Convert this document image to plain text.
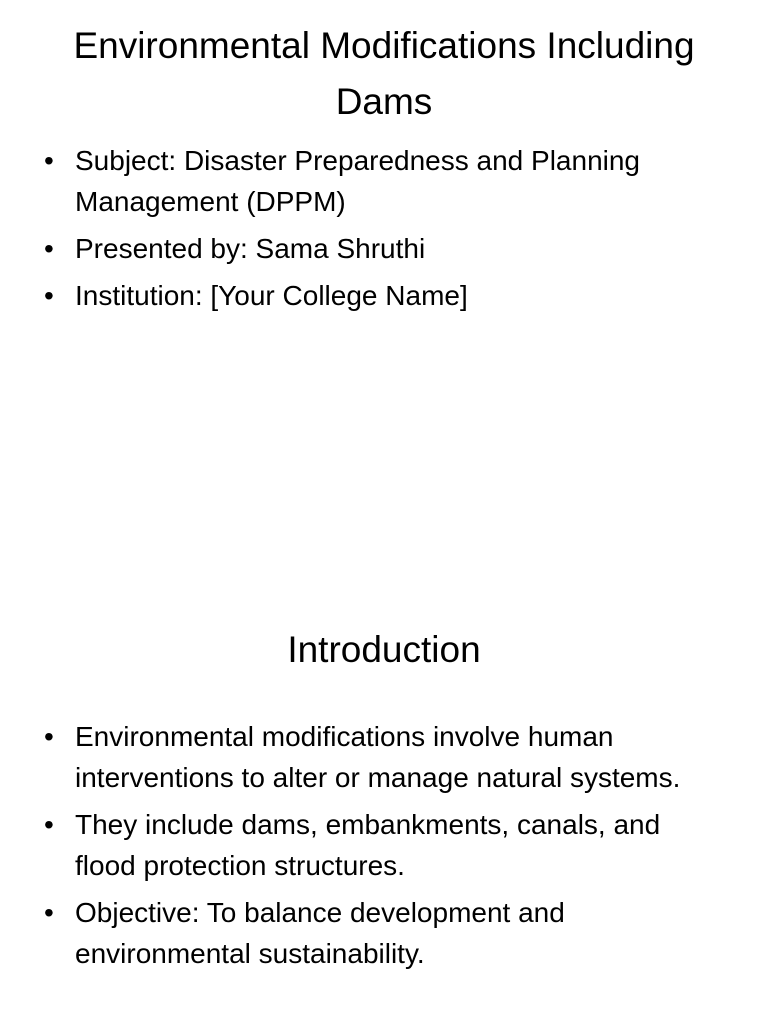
Environmental Modifications Including Dams
• Subject: Disaster Preparedness and Planning Management (DPPM)
• Presented by: Sama Shruthi
• Institution: [Your College Name]
Introduction
• Environmental modifications involve human interventions to alter or manage natural systems.
• They include dams, embankments, canals, and flood protection structures.
• Objective: To balance development and environmental sustainability.
